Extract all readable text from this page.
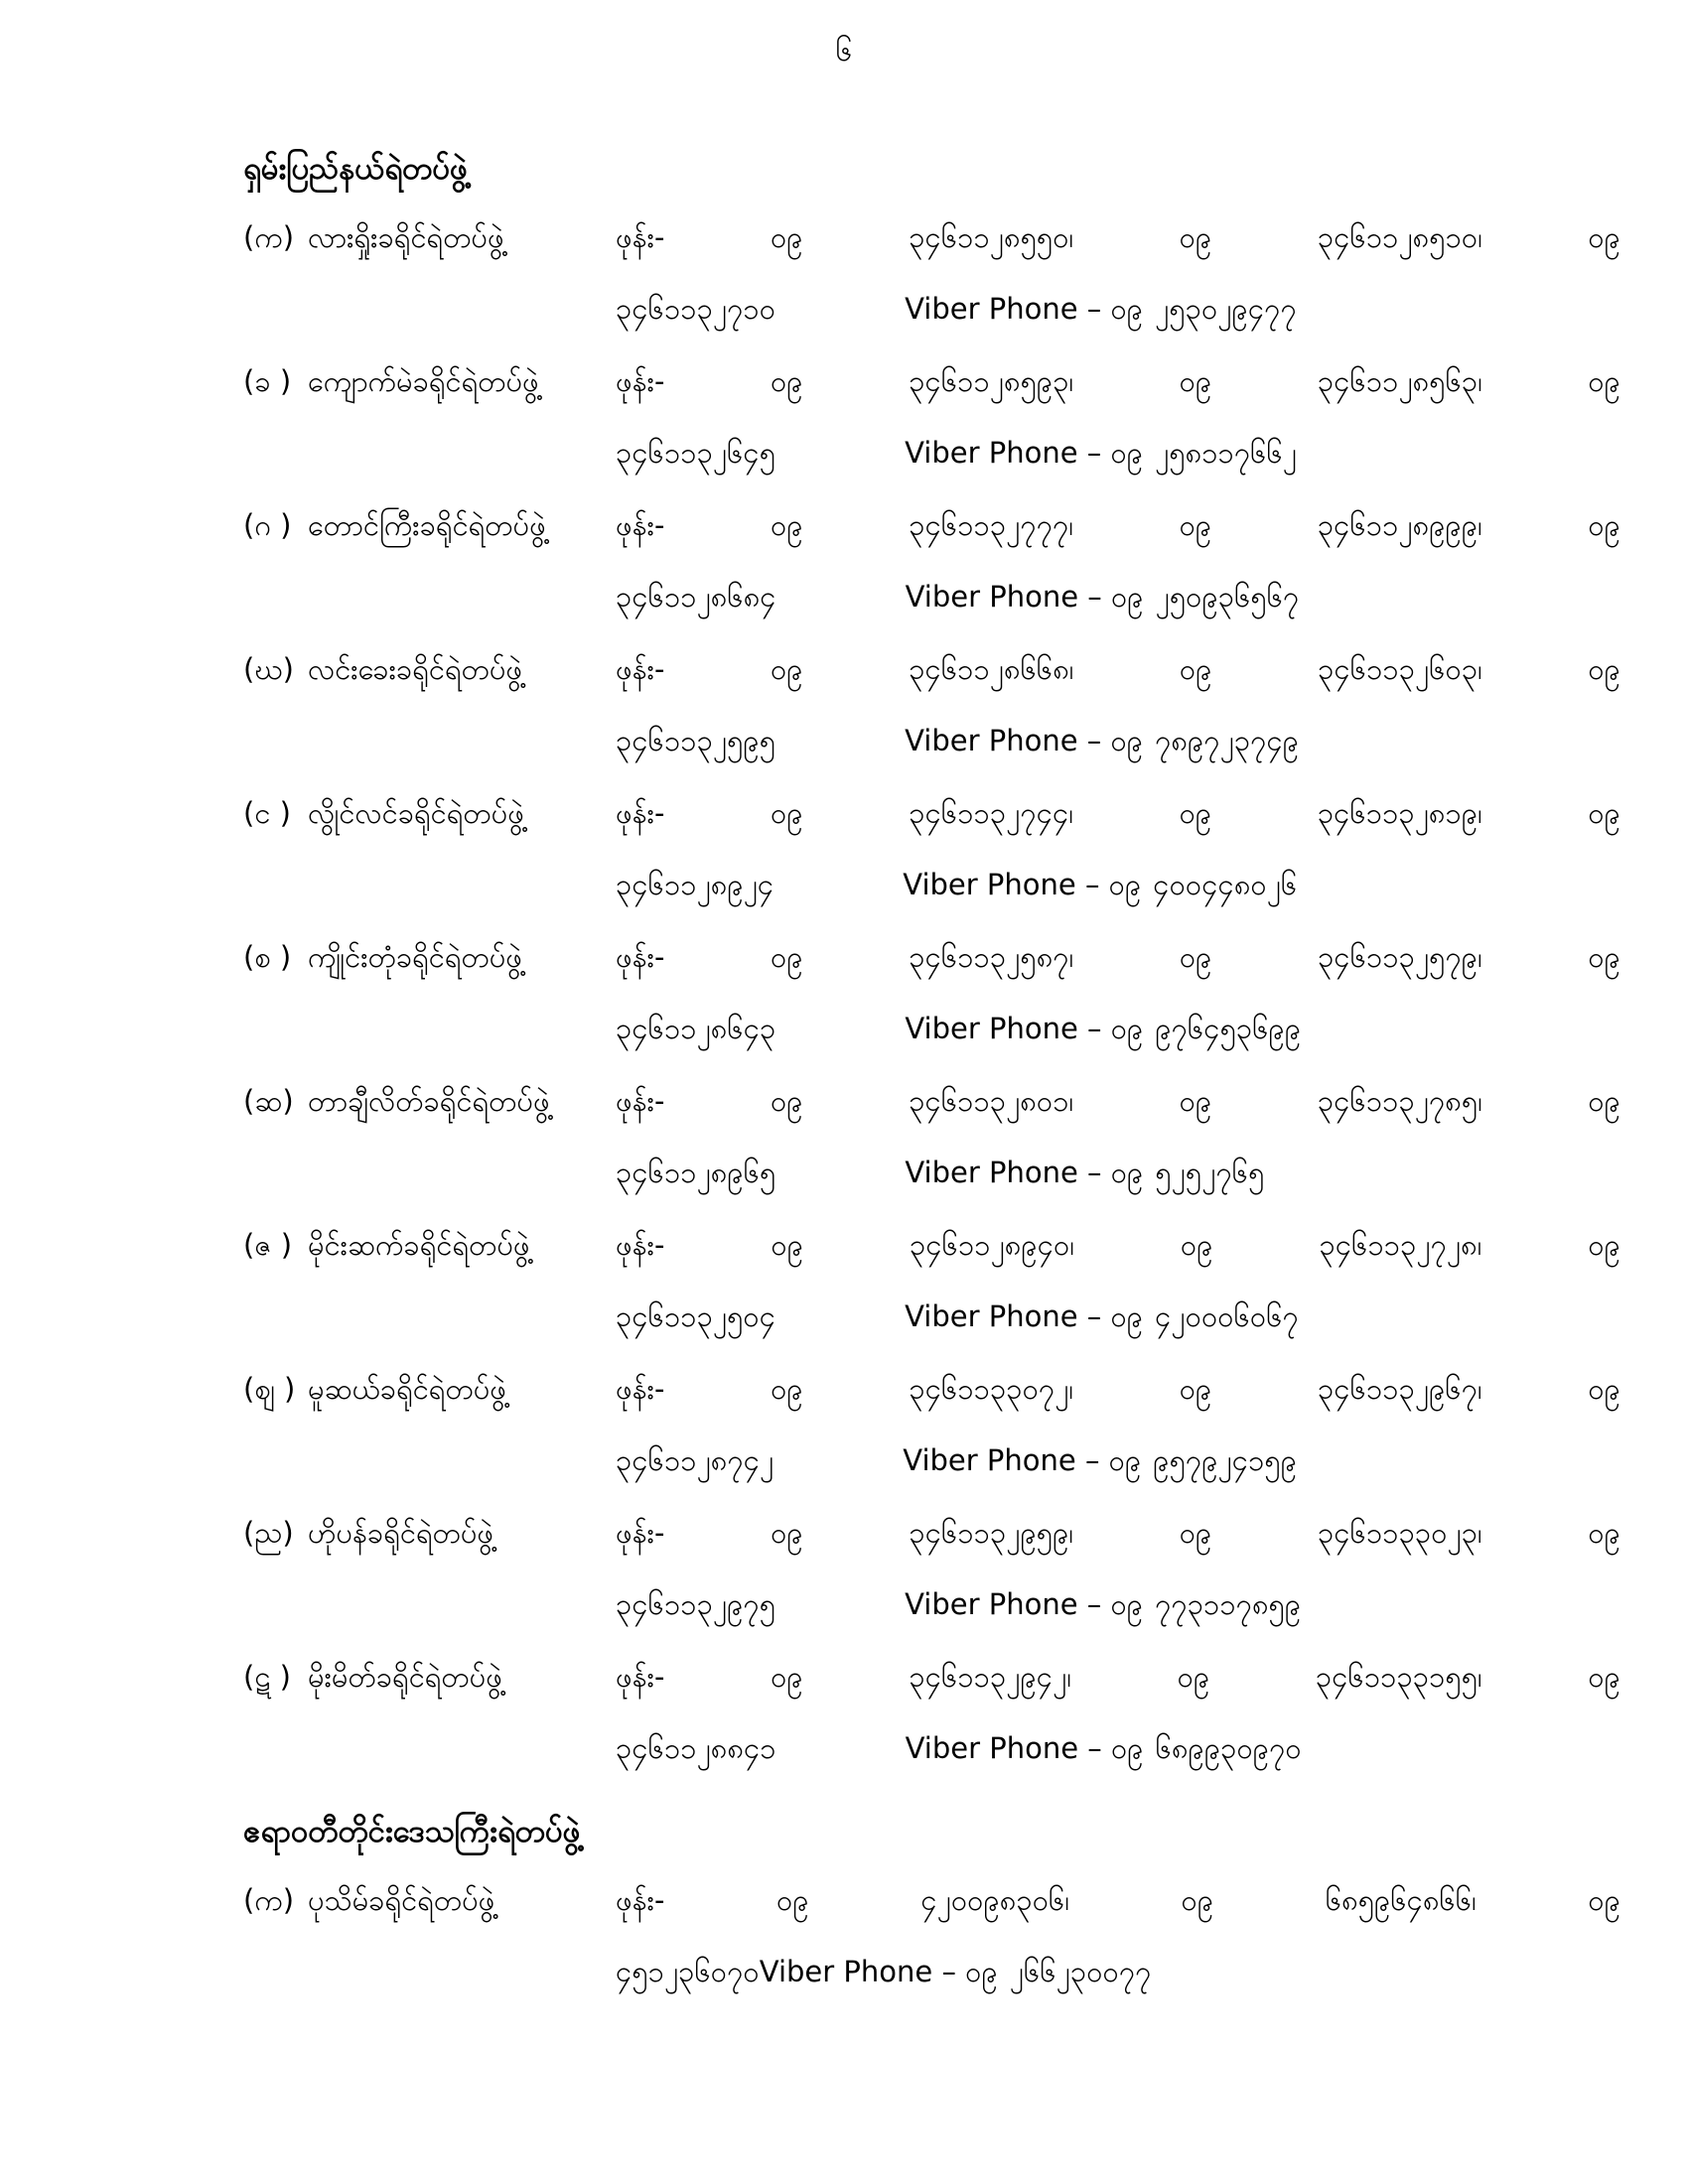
၆
ရှမ်းပြည်နယ်ရဲတပ်ဖွဲ့
(က) လားရှိုးခရိုင်ရဲတပ်ဖွဲ့	ဖုန်း-	၀၉	၃၄၆၁၁၂၈၅၅၀၊	၀၉	၃၄၆၁၁၂၈၅၁၀၊	၀၉
၃၄၆၁၁၃၂၇၁၀	Viber Phone – ၀၉ ၂၅၃၀၂၉၄၇၇
(ခ ) ကျောက်မဲခရိုင်ရဲတပ်ဖွဲ့	ဖုန်း-	၀၉	၃၄၆၁၁၂၈၅၉၃၊	၀၉	၃၄၆၁၁၂၈၅၆၃၊	၀၉
၃၄၆၁၁၃၂၆၄၅	Viber Phone – ၀၉ ၂၅၈၁၁၇၆၆၂
(ဂ ) တောင်ကြီးခရိုင်ရဲတပ်ဖွဲ့	ဖုန်း-	၀၉	၃၄၆၁၁၃၂၇၇၇၊	၀၉	၃၄၆၁၁၂၈၉၉၉၊	၀၉
၃၄၆၁၁၂၈၆၈၄	Viber Phone – ၀၉ ၂၅၀၉၃၆၅၆၇
(ဃ) လင်းခေးခရိုင်ရဲတပ်ဖွဲ့	ဖုန်း-	၀၉	၃၄၆၁၁၂၈၆၆၈၊	၀၉	၃၄၆၁၁၃၂၆၀၃၊	၀၉
၃၄၆၁၁၃၂၅၉၅	Viber Phone – ၀၉ ၇၈၉၇၂၃၇၄၉
(င ) လွိုင်လင်ခရိုင်ရဲတပ်ဖွဲ့	ဖုန်း-	၀၉	၃၄၆၁၁၃၂၇၄၄၊	၀၉	၃၄၆၁၁၃၂၈၁၉၊	၀၉
၃၄၆၁၁၂၈၉၂၄	Viber Phone – ၀၉ ၄၀၀၄၄၈၀၂၆
(စ ) ကျိုင်းတုံခရိုင်ရဲတပ်ဖွဲ့	ဖုန်း-	၀၉	၃၄၆၁၁၃၂၅၈၇၊	၀၉	၃၄၆၁၁၃၂၅၇၉၊	၀၉
၃၄၆၁၁၂၈၆၄၃	Viber Phone – ၀၉ ၉၇၆၄၅၃၆၉၉
(ဆ) တာချီလိတ်ခရိုင်ရဲတပ်ဖွဲ့	ဖုန်း-	၀၉	၃၄၆၁၁၃၂၈၀၁၊	၀၉	၃၄၆၁၁၃၂၇၈၅၊	၀၉
၃၄၆၁၁၂၈၉၆၅	Viber Phone – ၀၉ ၅၂၅၂၇၆၅
(ဇ ) မိုင်းဆက်ခရိုင်ရဲတပ်ဖွဲ့	ဖုန်း-	၀၉	၃၄၆၁၁၂၈၉၄၀၊	၀၉	၃၄၆၁၁၃၂၇၂၈၊	၀၉
၃၄၆၁၁၃၂၅၀၄	Viber Phone – ၀၉ ၄၂၀၀၀၆၀၆၇
(ဈ ) မူဆယ်ခရိုင်ရဲတပ်ဖွဲ့	ဖုန်း-	၀၉	၃၄၆၁၁၃၃၀၇၂၊	၀၉	၃၄၆၁၁၃၂၉၆၇၊	၀၉
၃၄၆၁၁၂၈၇၄၂	Viber Phone – ၀၉ ၉၅၇၉၂၄၁၅၉
(ည) ဟိုပန်ခရိုင်ရဲတပ်ဖွဲ့	ဖုန်း-	၀၉	၃၄၆၁၁၃၂၉၅၉၊	၀၉	၃၄၆၁၁၃၃၀၂၃၊	၀၉
၃၄၆၁၁၃၂၉၇၅	Viber Phone – ၀၉ ၇၇၃၁၁၇၈၅၉
(ဋ ) မိုးမိတ်ခရိုင်ရဲတပ်ဖွဲ့	ဖုန်း-	၀၉	၃၄၆၁၁၃၂၉၄၂၊	၀၉	၃၄၆၁၁၃၃၁၅၅၊	၀၉
၃၄၆၁၁၂၈၈၄၁	Viber Phone – ၀၉ ၆၈၉၉၃၀၉၇၀
ဧရာဝတီတိုင်းဒေသကြီးရဲတပ်ဖွဲ့
(က) ပုသိမ်ခရိုင်ရဲတပ်ဖွဲ့	ဖုန်း-	၀၉	၄၂၀၀၉၈၃၀၆၊	၀၉	၆၈၅၉၆၄၈၆၆၊	၀၉
၄၅၁၂၃၆၀၇၀ Viber Phone – ၀၉ ၂၆၆၂၃၀၀၇၇
